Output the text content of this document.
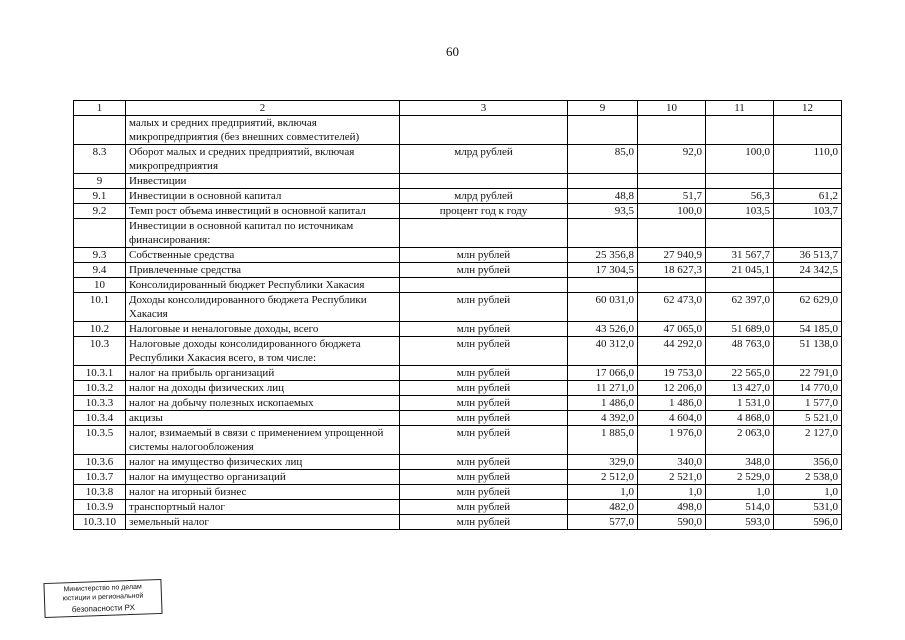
60
1	2	3	9	10	11	12
	малых и средних предприятий, включая микропредприятия (без внешних совместителей)					
8.3	Оборот малых и средних предприятий, включая микропредприятия	млрд рублей	85,0	92,0	100,0	110,0
9	Инвестиции					
9.1	Инвестиции в основной капитал	млрд рублей	48,8	51,7	56,3	61,2
9.2	Темп рост объема инвестиций в основной капитал	процент год к году	93,5	100,0	103,5	103,7
	Инвестиции в основной капитал по источникам финансирования:					
9.3	Собственные средства	млн рублей	25 356,8	27 940,9	31 567,7	36 513,7
9.4	Привлеченные средства	млн рублей	17 304,5	18 627,3	21 045,1	24 342,5
10	Консолидированный бюджет Республики Хакасия					
10.1	Доходы консолидированного бюджета Республики Хакасия	млн рублей	60 031,0	62 473,0	62 397,0	62 629,0
10.2	Налоговые и неналоговые доходы, всего	млн рублей	43 526,0	47 065,0	51 689,0	54 185,0
10.3	Налоговые доходы консолидированного бюджета Республики Хакасия всего, в том числе:	млн рублей	40 312,0	44 292,0	48 763,0	51 138,0
10.3.1	налог на прибыль организаций	млн рублей	17 066,0	19 753,0	22 565,0	22 791,0
10.3.2	налог на доходы физических лиц	млн рублей	11 271,0	12 206,0	13 427,0	14 770,0
10.3.3	налог на добычу полезных ископаемых	млн рублей	1 486,0	1 486,0	1 531,0	1 577,0
10.3.4	акцизы	млн рублей	4 392,0	4 604,0	4 868,0	5 521,0
10.3.5	налог, взимаемый в связи с применением упрощенной системы налогообложения	млн рублей	1 885,0	1 976,0	2 063,0	2 127,0
10.3.6	налог на имущество физических лиц	млн рублей	329,0	340,0	348,0	356,0
10.3.7	налог на имущество организаций	млн рублей	2 512,0	2 521,0	2 529,0	2 538,0
10.3.8	налог на игорный бизнес	млн рублей	1,0	1,0	1,0	1,0
10.3.9	транспортный налог	млн рублей	482,0	498,0	514,0	531,0
10.3.10	земельный налог	млн рублей	577,0	590,0	593,0	596,0
Министерство по делам
юстиции и региональной
безопасности РХ
